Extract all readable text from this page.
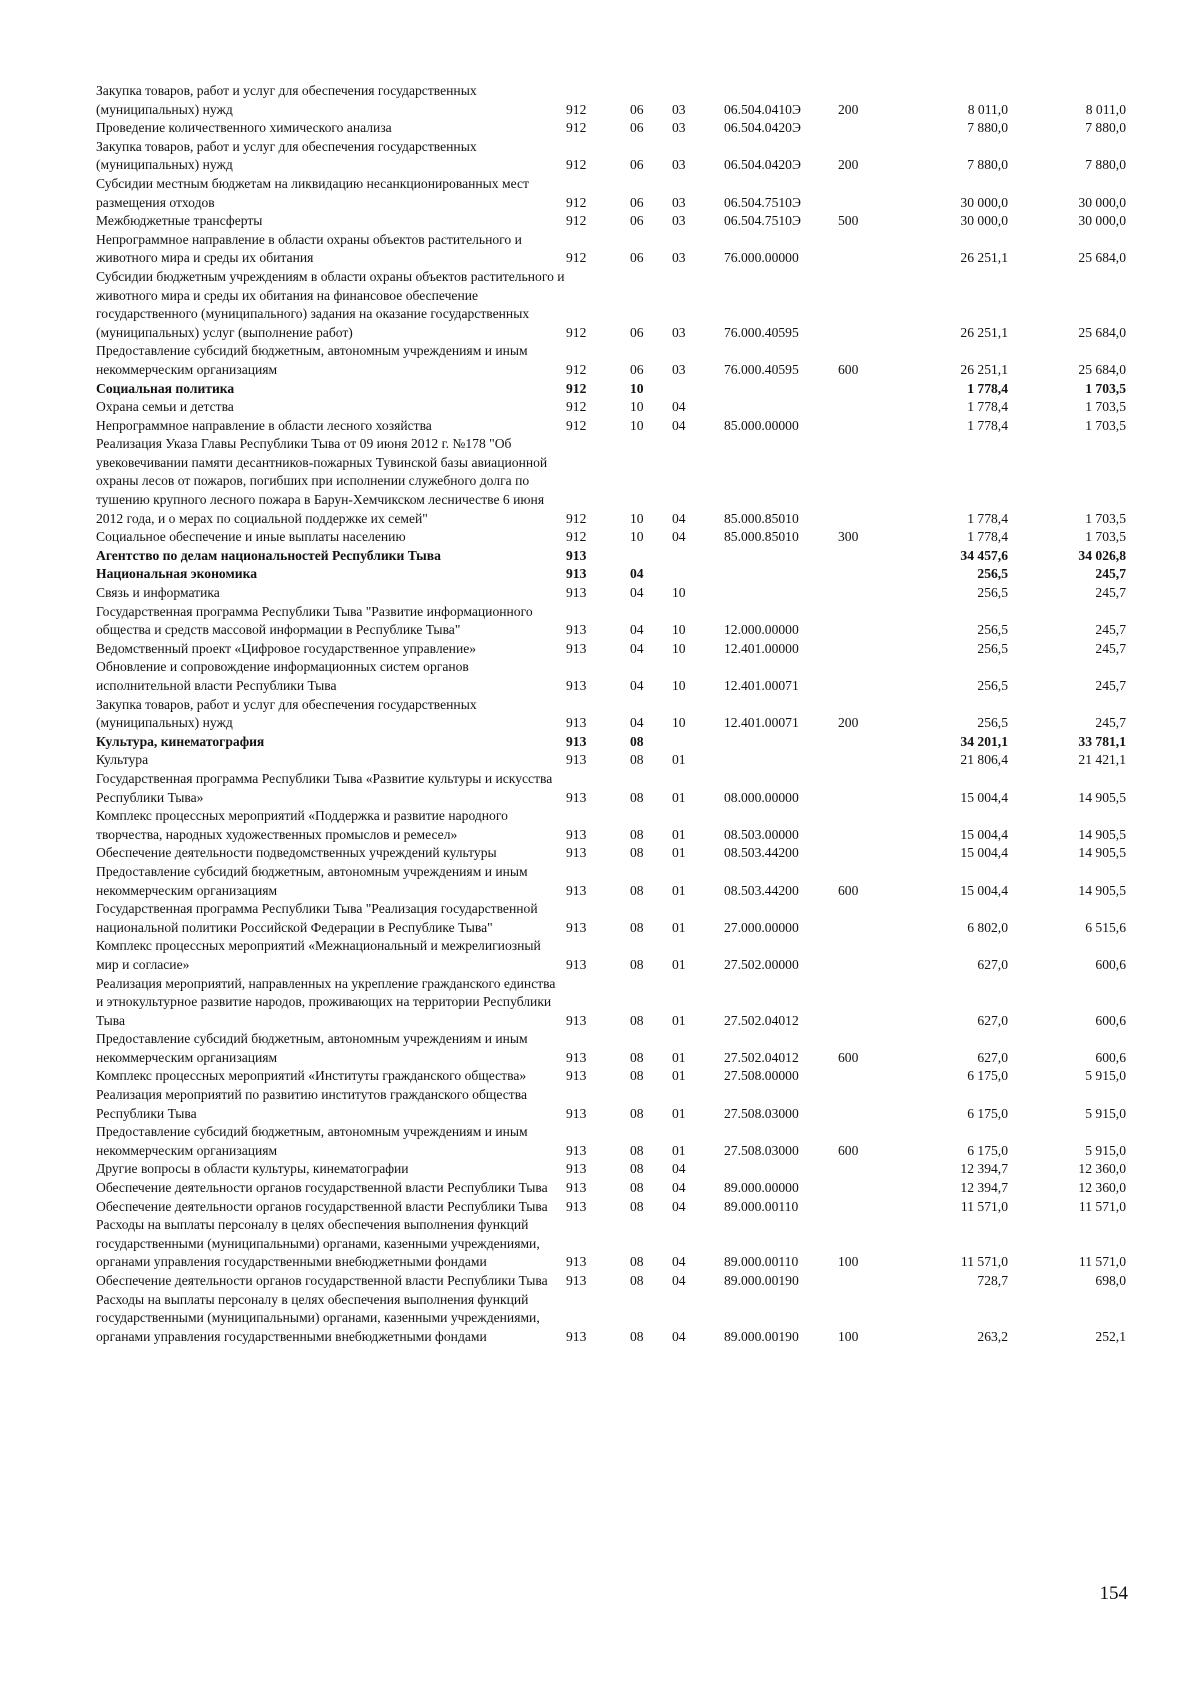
Закупка товаров, работ и услуг для обеспечения государственных (муниципальных) нужд	912	06	03	06.504.0410Э	200	8 011,0	8 011,0
Проведение количественного химического анализа	912	06	03	06.504.0420Э		7 880,0	7 880,0
Закупка товаров, работ и услуг для обеспечения государственных (муниципальных) нужд	912	06	03	06.504.0420Э	200	7 880,0	7 880,0
Субсидии местным бюджетам на ликвидацию несанкционированных мест размещения отходов	912	06	03	06.504.7510Э		30 000,0	30 000,0
Межбюджетные трансферты	912	06	03	06.504.7510Э	500	30 000,0	30 000,0
Непрограммное направление в области охраны объектов растительного и животного мира и среды их обитания	912	06	03	76.000.00000		26 251,1	25 684,0
Субсидии бюджетным учреждениям в области охраны объектов растительного и животного мира и среды их обитания на финансовое обеспечение государственного (муниципального) задания на оказание государственных (муниципальных) услуг (выполнение работ)	912	06	03	76.000.40595		26 251,1	25 684,0
Предоставление субсидий бюджетным, автономным учреждениям и иным некоммерческим организациям	912	06	03	76.000.40595	600	26 251,1	25 684,0
Социальная политика	912	10				1 778,4	1 703,5
Охрана семьи и детства	912	10	04			1 778,4	1 703,5
Непрограммное направление в области лесного хозяйства	912	10	04	85.000.00000		1 778,4	1 703,5
Реализация Указа Главы Республики Тыва от 09 июня 2012 г. №178 "Об увековечивании памяти десантников-пожарных Тувинской базы авиационной охраны лесов от пожаров, погибших при исполнении служебного долга по тушению крупного лесного пожара в Барун-Хемчикском лесничестве 6 июня 2012 года, и о мерах по социальной поддержке их семей"	912	10	04	85.000.85010		1 778,4	1 703,5
Социальное обеспечение и иные выплаты населению	912	10	04	85.000.85010	300	1 778,4	1 703,5
Агентство по делам национальностей Республики Тыва	913					34 457,6	34 026,8
Национальная экономика	913	04				256,5	245,7
Связь и информатика	913	04	10			256,5	245,7
Государственная программа Республики Тыва "Развитие информационного общества и средств массовой информации в Республике Тыва"	913	04	10	12.000.00000		256,5	245,7
Ведомственный проект «Цифровое государственное управление»	913	04	10	12.401.00000		256,5	245,7
Обновление и сопровождение информационных систем органов исполнительной власти Республики Тыва	913	04	10	12.401.00071		256,5	245,7
Закупка товаров, работ и услуг для обеспечения государственных (муниципальных) нужд	913	04	10	12.401.00071	200	256,5	245,7
Культура, кинематография	913	08				34 201,1	33 781,1
Культура	913	08	01			21 806,4	21 421,1
Государственная программа Республики Тыва «Развитие культуры и искусства Республики Тыва»	913	08	01	08.000.00000		15 004,4	14 905,5
Комплекс процессных мероприятий «Поддержка и развитие народного творчества, народных художественных промыслов и ремесел»	913	08	01	08.503.00000		15 004,4	14 905,5
Обеспечение деятельности подведомственных учреждений культуры	913	08	01	08.503.44200		15 004,4	14 905,5
Предоставление субсидий бюджетным, автономным учреждениям и иным некоммерческим организациям	913	08	01	08.503.44200	600	15 004,4	14 905,5
Государственная программа Республики Тыва "Реализация государственной национальной политики Российской Федерации в Республике Тыва"	913	08	01	27.000.00000		6 802,0	6 515,6
Комплекс процессных мероприятий «Межнациональный и межрелигиозный мир и согласие»	913	08	01	27.502.00000		627,0	600,6
Реализация мероприятий, направленных на укрепление гражданского единства и этнокультурное развитие народов, проживающих на территории Республики Тыва	913	08	01	27.502.04012		627,0	600,6
Предоставление субсидий бюджетным, автономным учреждениям и иным некоммерческим организациям	913	08	01	27.502.04012	600	627,0	600,6
Комплекс процессных мероприятий «Институты гражданского общества»	913	08	01	27.508.00000		6 175,0	5 915,0
Реализация мероприятий по развитию институтов гражданского общества Республики Тыва	913	08	01	27.508.03000		6 175,0	5 915,0
Предоставление субсидий бюджетным, автономным учреждениям и иным некоммерческим организациям	913	08	01	27.508.03000	600	6 175,0	5 915,0
Другие вопросы в области культуры, кинематографии	913	08	04			12 394,7	12 360,0
Обеспечение деятельности органов государственной власти Республики Тыва	913	08	04	89.000.00000		12 394,7	12 360,0
Обеспечение деятельности органов государственной власти Республики Тыва	913	08	04	89.000.00110		11 571,0	11 571,0
Расходы на выплаты персоналу в целях обеспечения выполнения функций государственными (муниципальными) органами, казенными учреждениями, органами управления государственными внебюджетными фондами	913	08	04	89.000.00110	100	11 571,0	11 571,0
Обеспечение деятельности органов государственной власти Республики Тыва	913	08	04	89.000.00190		728,7	698,0
Расходы на выплаты персоналу в целях обеспечения выполнения функций государственными (муниципальными) органами, казенными учреждениями, органами управления государственными внебюджетными фондами	913	08	04	89.000.00190	100	263,2	252,1
154
